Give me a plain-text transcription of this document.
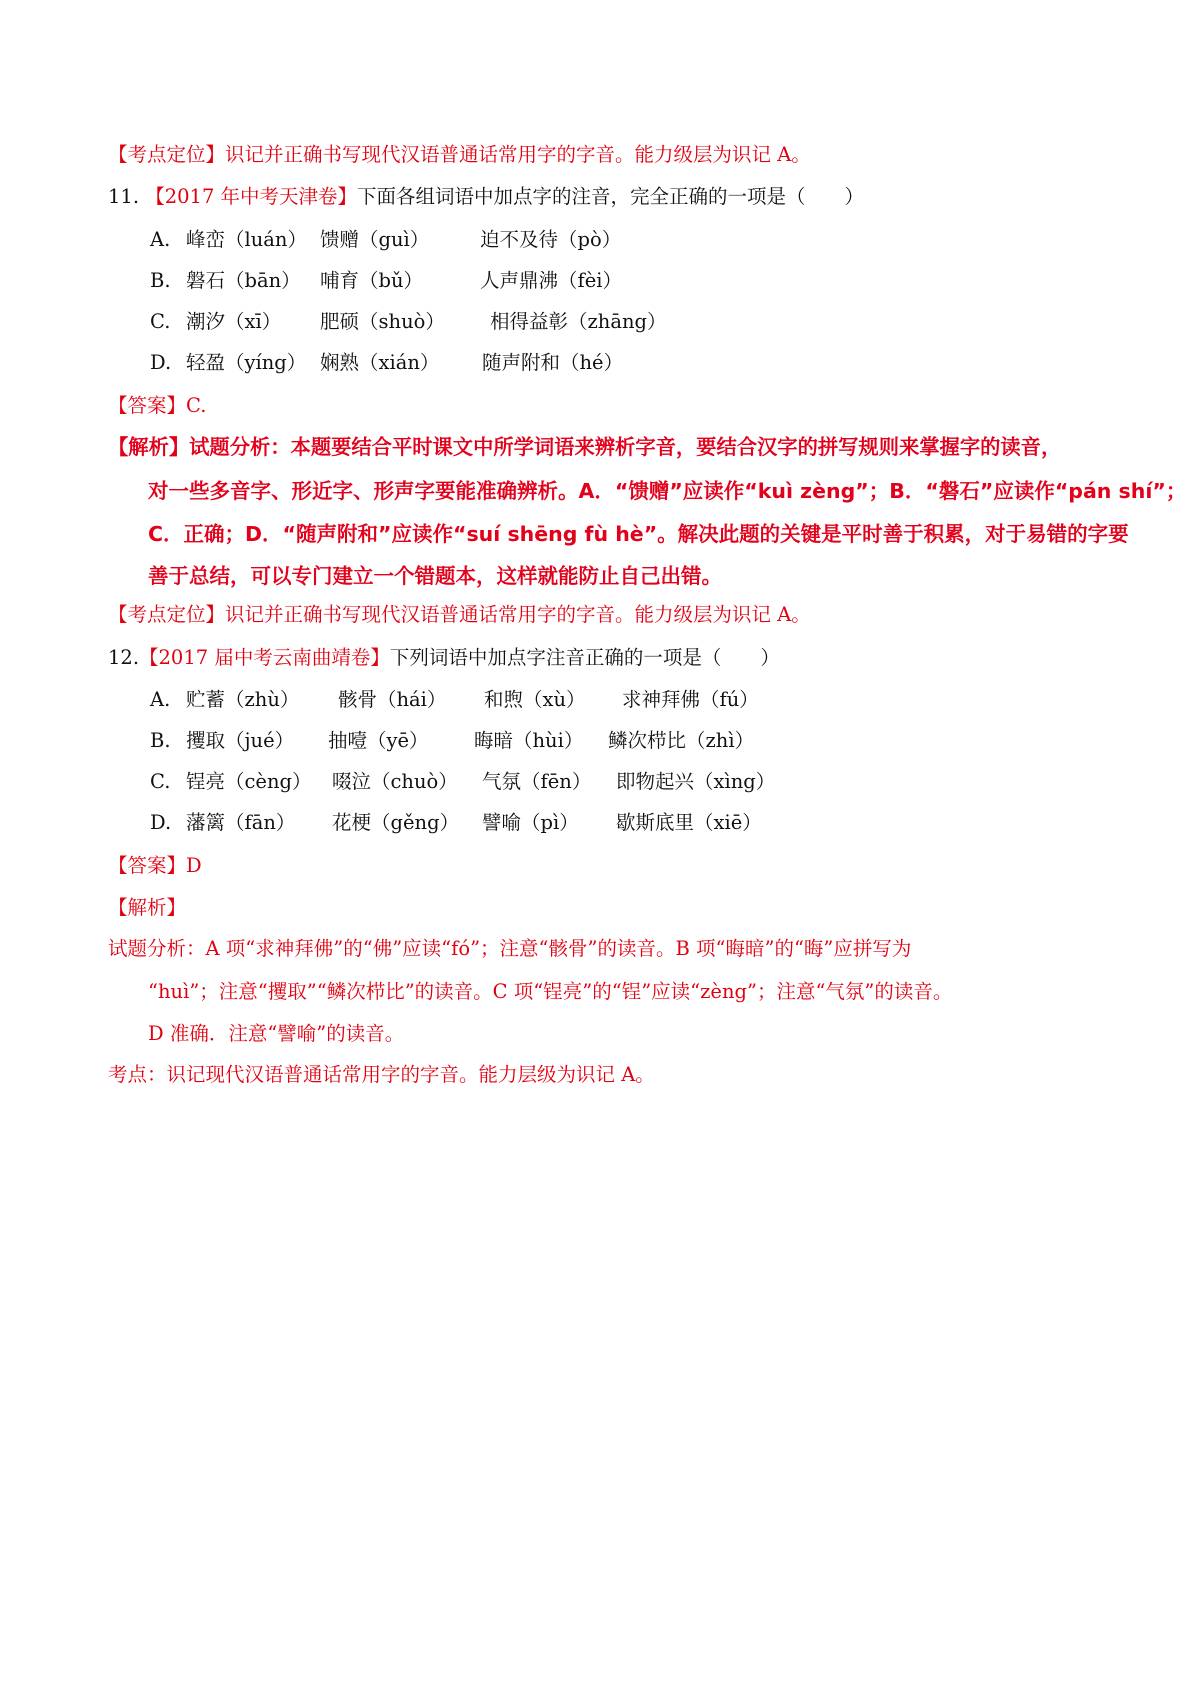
【考点定位】识记并正确书写现代汉语普通话常用字的字音。能力级层为识记 A。
11. 【2017 年中考天津卷】下面各组词语中加点字的注音，完全正确的一项是（　　）
A. 峰峦（luán） 馈赠（guì）	迫不及待（pò）
B. 磐石（bān） 哺育（bǔ）	人声鼎沸（fèi）
C. 潮汐（xī）	肥硕（shuò）	相得益彰（zhāng）
D. 轻盈（yíng） 娴熟（xián）	随声附和（hé）
【答案】C.
【解析】试题分析：本题要结合平时课文中所学词语来辨析字音，要结合汉字的拼写规则来掌握字的读音，
对一些多音字、形近字、形声字要能准确辨析。A．“馈赠”应读作“kuì zèng”；B．“磐石”应读作“pán shí”；
C．正确；D．“随声附和”应读作“suí shēng fù hè”。解决此题的关键是平时善于积累，对于易错的字要
善于总结，可以专门建立一个错题本，这样就能防止自己出错。
【考点定位】识记并正确书写现代汉语普通话常用字的字音。能力级层为识记 A。
12.【2017 届中考云南曲靖卷】下列词语中加点字注音正确的一项是（　　）
A. 贮蓄（zhù）	骸骨（hái）	和煦（xù）	求神拜佛（fú）
B. 攫取（jué）	抽噎（yē）	晦暗（hùi）	鳞次栉比（zhì）
C. 锃亮（cèng）	啜泣（chuò）	气氛（fēn）	即物起兴（xìng）
D. 藩篱（fān）	花梗（gěng）	譬喻（pì）	歇斯底里（xiē）
【答案】D
【解析】
试题分析：A 项“求神拜佛”的“佛”应读“fó”；注意“骸骨”的读音。B 项“晦暗”的“晦”应拼写为
“huì”；注意“攫取”“鳞次栉比”的读音。C 项“锃亮”的“锃”应读“zèng”；注意“气氛”的读音。
D 准确．注意“譬喻”的读音。
考点：识记现代汉语普通话常用字的字音。能力层级为识记 A。
